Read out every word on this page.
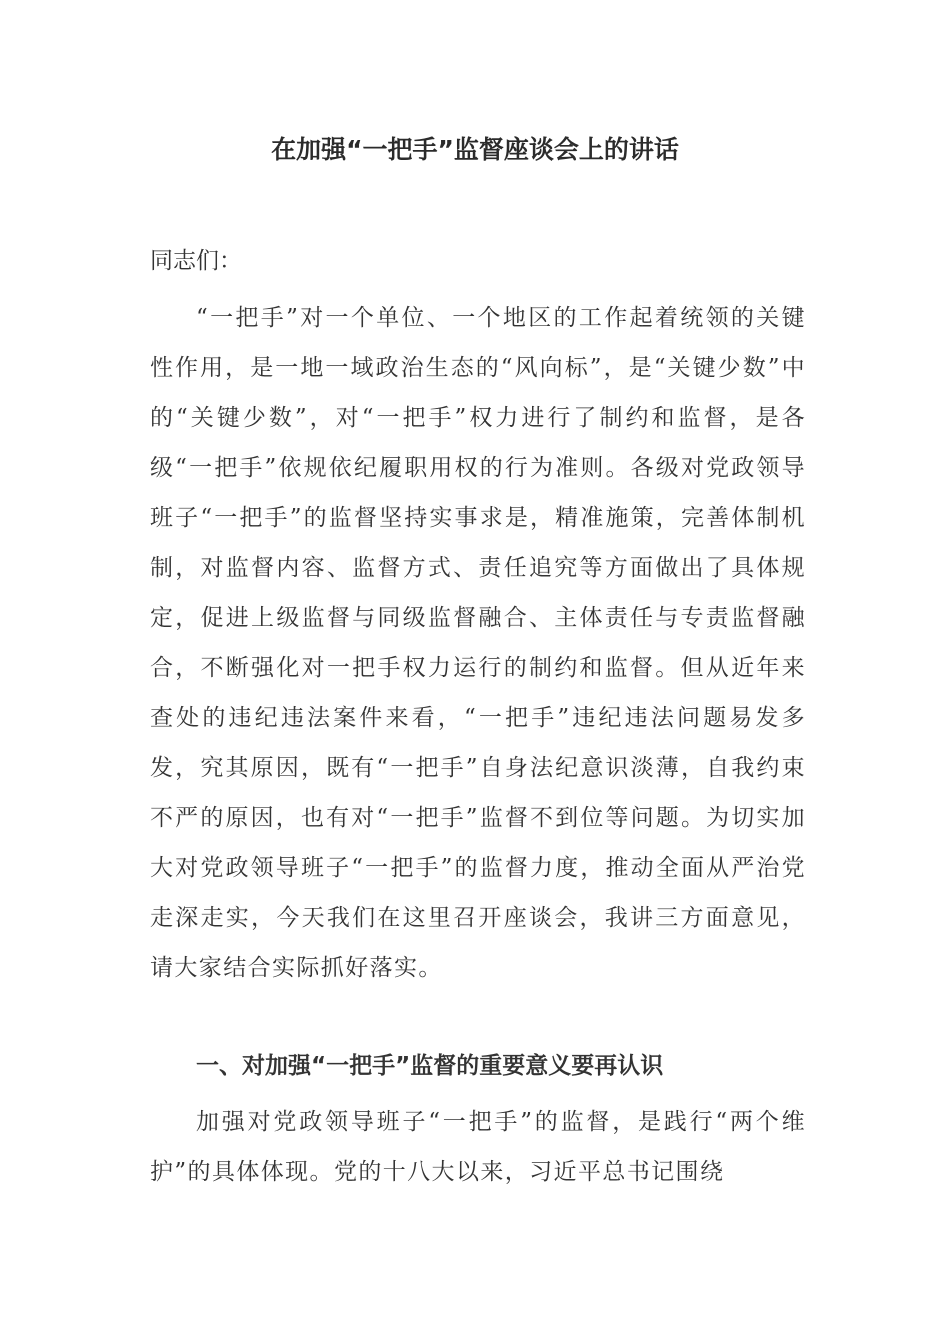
在加强“一把手”监督座谈会上的讲话

同志们：

“一把手”对一个单位、一个地区的工作起着统领的关键性作用，是一地一域政治生态的“风向标”，是“关键少数”中的“关键少数”，对“一把手”权力进行了制约和监督，是各级“一把手”依规依纪履职用权的行为准则。各级对党政领导班子“一把手”的监督坚持实事求是，精准施策，完善体制机制，对监督内容、监督方式、责任追究等方面做出了具体规定，促进上级监督与同级监督融合、主体责任与专责监督融合，不断强化对一把手权力运行的制约和监督。但从近年来查处的违纪违法案件来看，“一把手”违纪违法问题易发多发，究其原因，既有“一把手”自身法纪意识淡薄，自我约束不严的原因，也有对“一把手”监督不到位等问题。为切实加大对党政领导班子“一把手”的监督力度，推动全面从严治党走深走实，今天我们在这里召开座谈会，我讲三方面意见，请大家结合实际抓好落实。

一、对加强“一把手”监督的重要意义要再认识

加强对党政领导班子“一把手”的监督，是践行“两个维护”的具体体现。党的十八大以来，习近平总书记围绕
